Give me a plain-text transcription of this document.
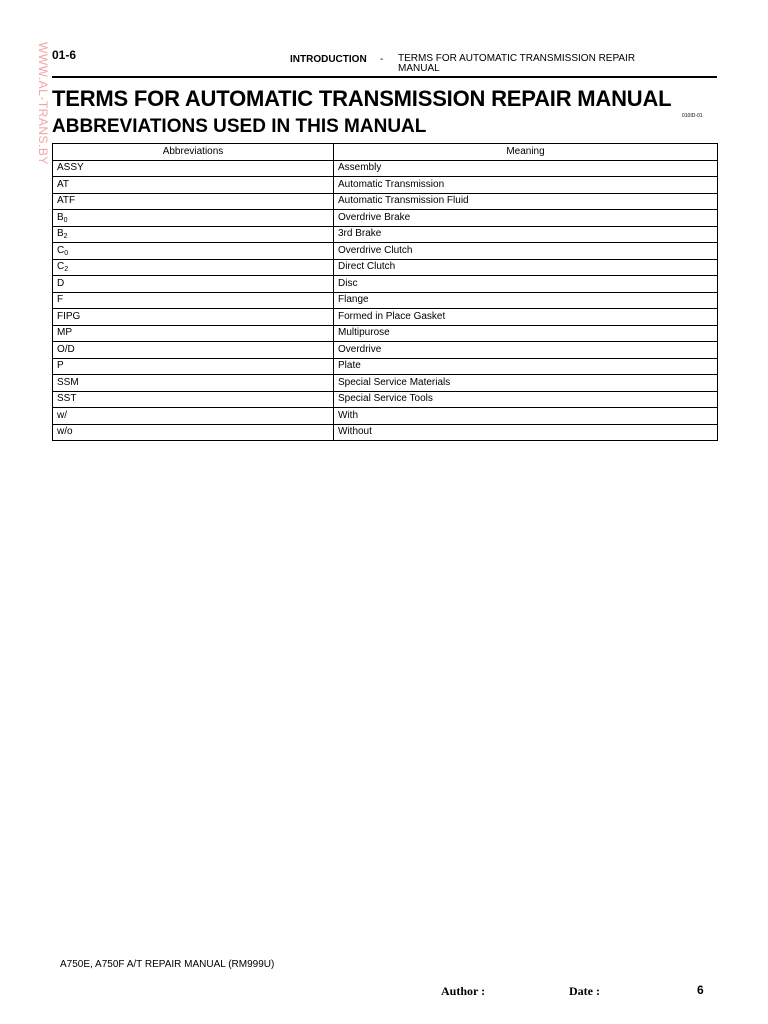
WWW.AL-TRANS.BY 01-6	INTRODUCTION - TERMS FOR AUTOMATIC TRANSMISSION REPAIR MANUAL
TERMS FOR AUTOMATIC TRANSMISSION REPAIR MANUAL
ABBREVIATIONS USED IN THIS MANUAL	010ID-01
Abbreviations	Meaning
ASSY	Assembly
AT	Automatic Transmission
ATF	Automatic Transmission Fluid
$B_0$	Overdrive Brake
$B_2$	3rd Brake
$C_0$	Overdrive Clutch
$C_2$	Direct Clutch
D	Disc
F	Flange
FIPG	Formed in Place Gasket
MP	Multipurose
O/D	Overdrive
P	Plate
SSM	Special Service Materials
SST	Special Service Tools
w/	With
w/o	Without
A750E, A750F A/T REPAIR MANUAL (RM999U)
Author :	Date :	6
